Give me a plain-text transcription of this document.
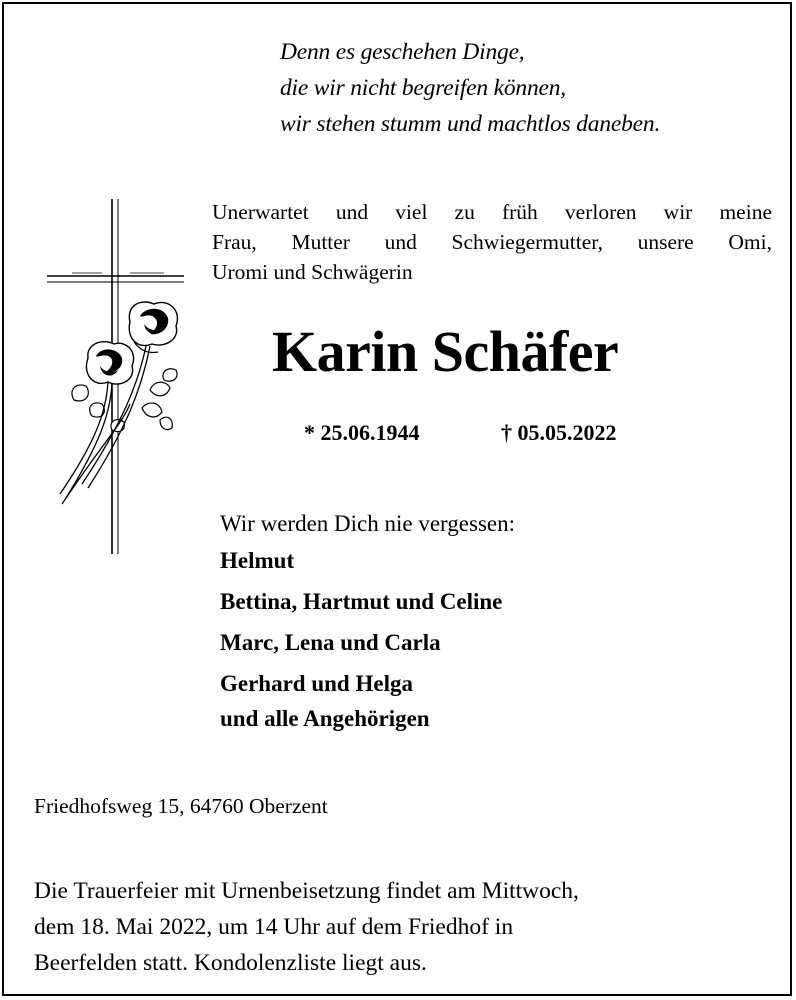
Denn es geschehen Dinge,
die wir nicht begreifen können,
wir stehen stumm und machtlos daneben.
Unerwartet und viel zu früh verloren wir meine
Frau, Mutter und Schwiegermutter, unsere Omi,
Uromi und Schwägerin
Karin Schäfer
* 25.06.1944	† 05.05.2022
Wir werden Dich nie vergessen:
Helmut
Bettina, Hartmut und Celine
Marc, Lena und Carla
Gerhard und Helga
und alle Angehörigen
Friedhofsweg 15, 64760 Oberzent
Die Trauerfeier mit Urnenbeisetzung findet am Mittwoch,
dem 18. Mai 2022, um 14 Uhr auf dem Friedhof in
Beerfelden statt. Kondolenzliste liegt aus.
